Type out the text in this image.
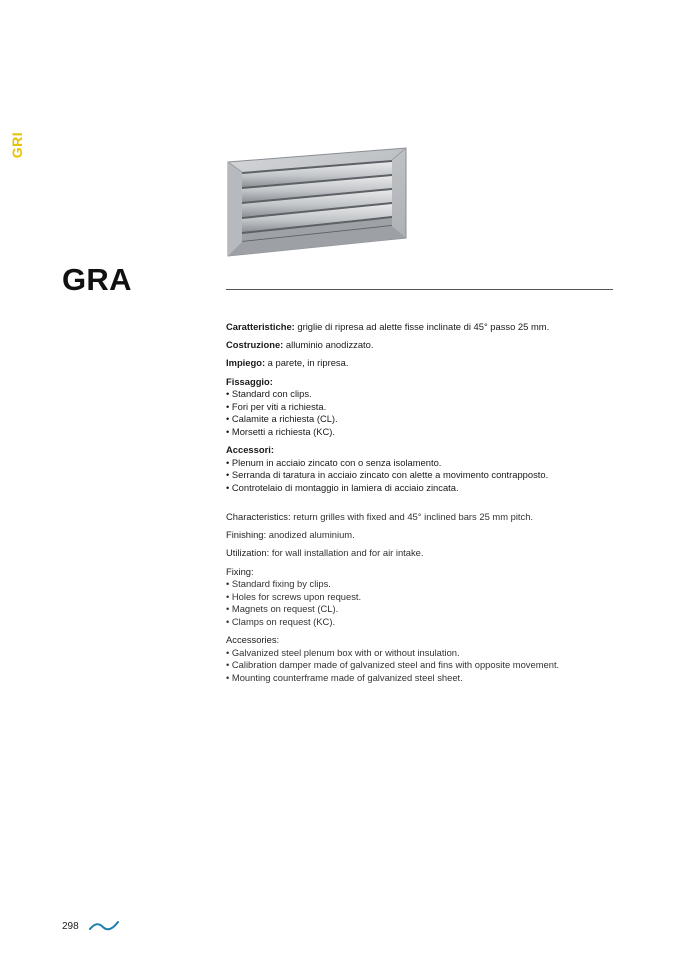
GRI
GRA

Caratteristiche: griglie di ripresa ad alette fisse inclinate di 45° passo 25 mm.

Costruzione: alluminio anodizzato.

Impiego: a parete, in ripresa.

Fissaggio:

• Standard con clips.

• Fori per viti a richiesta.

• Calamite a richiesta (CL).

• Morsetti a richiesta (KC).

Accessori:

• Plenum in acciaio zincato con o senza isolamento.

• Serranda di taratura in acciaio zincato con alette a movimento contrapposto.

• Controtelaio di montaggio in lamiera di acciaio zincata.

Characteristics: return grilles with fixed and 45° inclined bars 25 mm pitch.

Finishing: anodized aluminium.

Utilization: for wall installation and for air intake.

Fixing:

• Standard fixing by clips.

• Holes for screws upon request.

• Magnets on request (CL).

• Clamps on request (KC).

Accessories:

• Galvanized steel plenum box with or without insulation.

• Calibration damper made of galvanized steel and fins with opposite movement.

• Mounting counterframe made of galvanized steel sheet.

298
